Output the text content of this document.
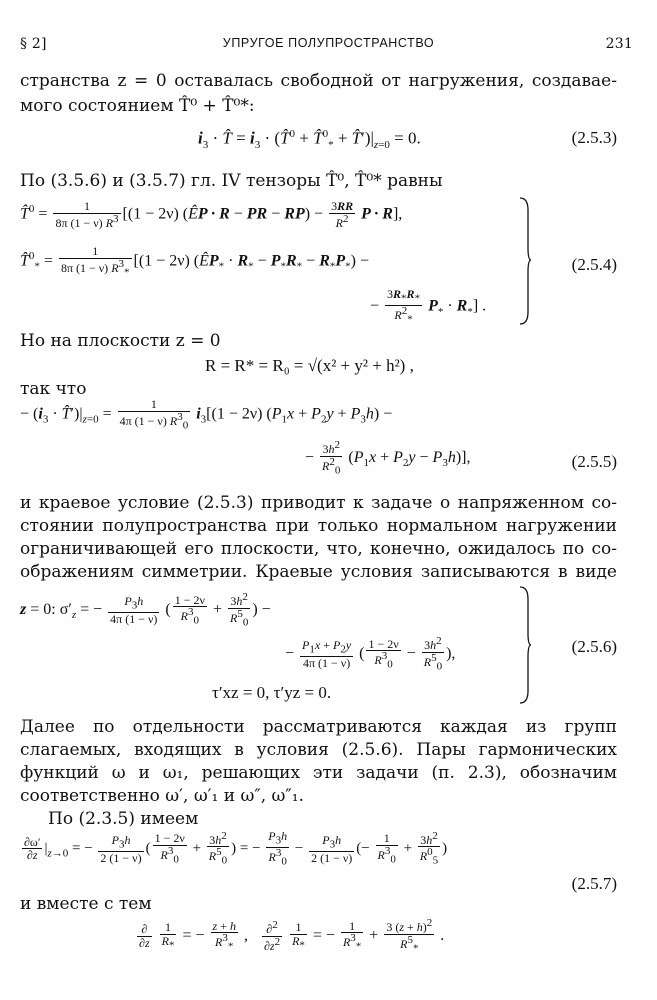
§ 2]	УПРУГОЕ ПОЛУПРОСТРАНСТВО	231
странства z = 0 оставалась свободной от нагружения, создавае-
мого состоянием T̂⁰ + T̂⁰*:
$i_3$ · T̂ = $i_3$ · (T̂$^0$ + T̂$^0_*$ + $T̂')|_{z=0} = 0$.	(2.5.3)
По (3.5.6) и (3.5.7) гл. IV тензоры T̂⁰, T̂⁰* равны
T̂$^0$ = $\frac{1}{8\pi (1 - \nu) R^3} [(1 - 2\nu)$ (ÊP · R − PR − $RP) - \frac{3RR}{R^2}$ P · R],
T̂$^0_*$ = $\frac{1}{8\pi (1 - \nu) R^3_*} [(1 - 2\nu)$ $(ÊP_* \cdot R_* - P_*R_* - R_*P_*)$ −
− $\frac{3R_*R_*}{R^2_*} P_* \cdot R_*$] .
(2.5.4)
Но на плоскости z = 0
R = R* = R₀ = √(x² + y² + h²) ,
так что
− ($i_3$ · $T̂')|_{z=0} = \frac{1}{4\pi (1 - \nu) R^3_0} i_3[(1 - 2\nu)$ $(P_1x + P_2y + P_3h)$ −
− $\frac{3h^2}{R^2_0} (P_1x + P_2y - P_3h)$],	(2.5.5)
и краевое условие (2.5.3) приводит к задаче о напряженном со-
стоянии полупространства при только нормальном нагружении
ограничивающей его плоскости, что, конечно, ожидалось по со-
ображениям симметрии. Краевые условия записываются в виде
z = 0: $\sigma'_z$ = − $\frac{P_3h}{4\pi (1 - \nu)}$ ( $\frac{1 - 2\nu}{R^3_0} + \frac{3h^2}{R^5_0}$ ) −
− $\frac{P_1x + P_2y}{4\pi (1 - \nu)}$ ( $\frac{1 - 2\nu}{R^3_0} - \frac{3h^2}{R^5_0}$ ),
τ′xz = 0, τ′yz = 0.
(2.5.6)
Далее по отдельности рассматриваются каждая из групп
слагаемых, входящих в условия (2.5.6). Пары гармонических
функций ω и ω₁, решающих эти задачи (п. 2.3), обозначим
соответственно ω′, ω′₁ и ω″, ω″₁.
По (2.3.5) имеем
$\frac{\partial\omega'}{\partial z} |_{z\to 0}$ = − $\frac{P_3h}{2 (1 - \nu)}$ ( $\frac{1 - 2\nu}{R^3_0} + \frac{3h^2}{R^5_0}$ ) = − $\frac{P_3h}{R^3_0} - \frac{P_3h}{2 (1 - \nu)}$ (− $\frac{1}{R^3_0} + \frac{3h^2}{R^0_5}$ )
(2.5.7)
и вместе с тем
$\frac{\partial}{\partial z}$
$\frac{1}{R_*}$ = − $\frac{z + h}{R^3_*}$ , $\frac{\partial^2}{\partial z^2}$
$\frac{1}{R_*}$ = − $\frac{1}{R^3_*} + \frac{3 (z + h)^2}{R^5_*}$ .
